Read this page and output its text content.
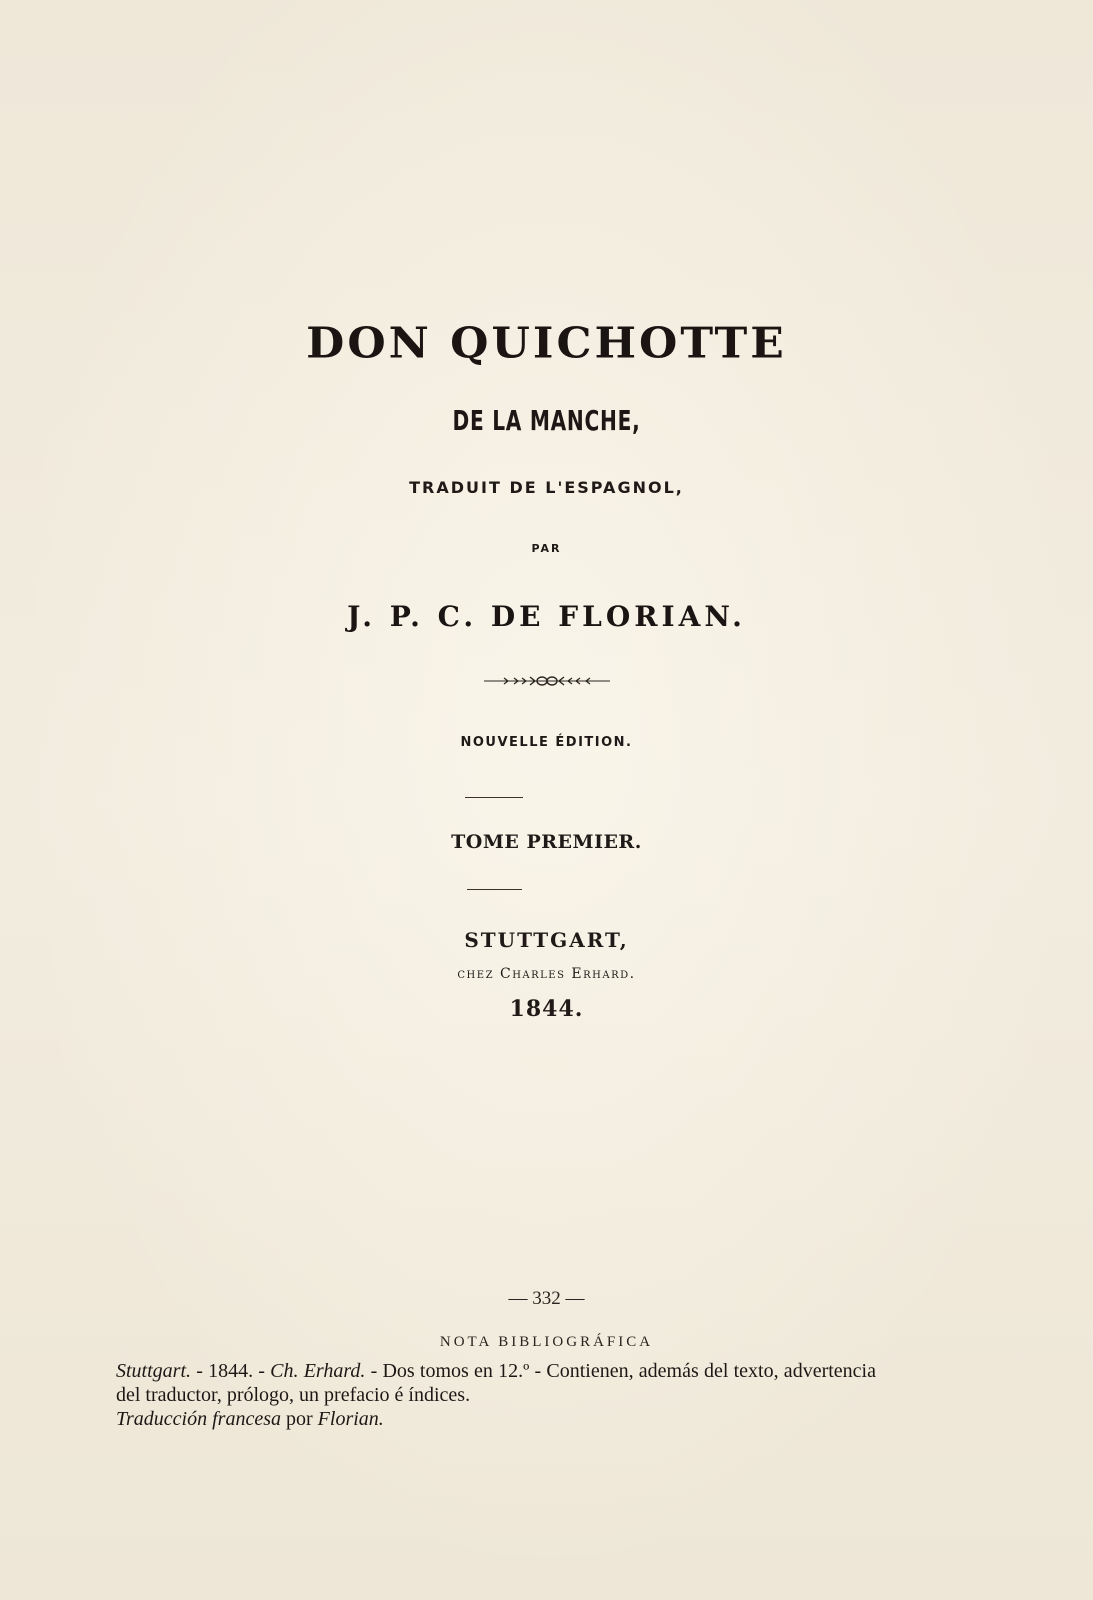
DON QUICHOTTE
DE LA MANCHE,
TRADUIT DE L'ESPAGNOL,
PAR
J. P. C. DE FLORIAN.
NOUVELLE ÉDITION.
TOME PREMIER.
STUTTGART,
chez Charles Erhard.
1844.
— 332 —
NOTA BIBLIOGRÁFICA
Stuttgart. - 1844. - Ch. Erhard. - Dos tomos en 12.º - Contienen, además del texto, advertencia del traductor, prólogo, un prefacio é índices.
Traducción francesa por Florian.
